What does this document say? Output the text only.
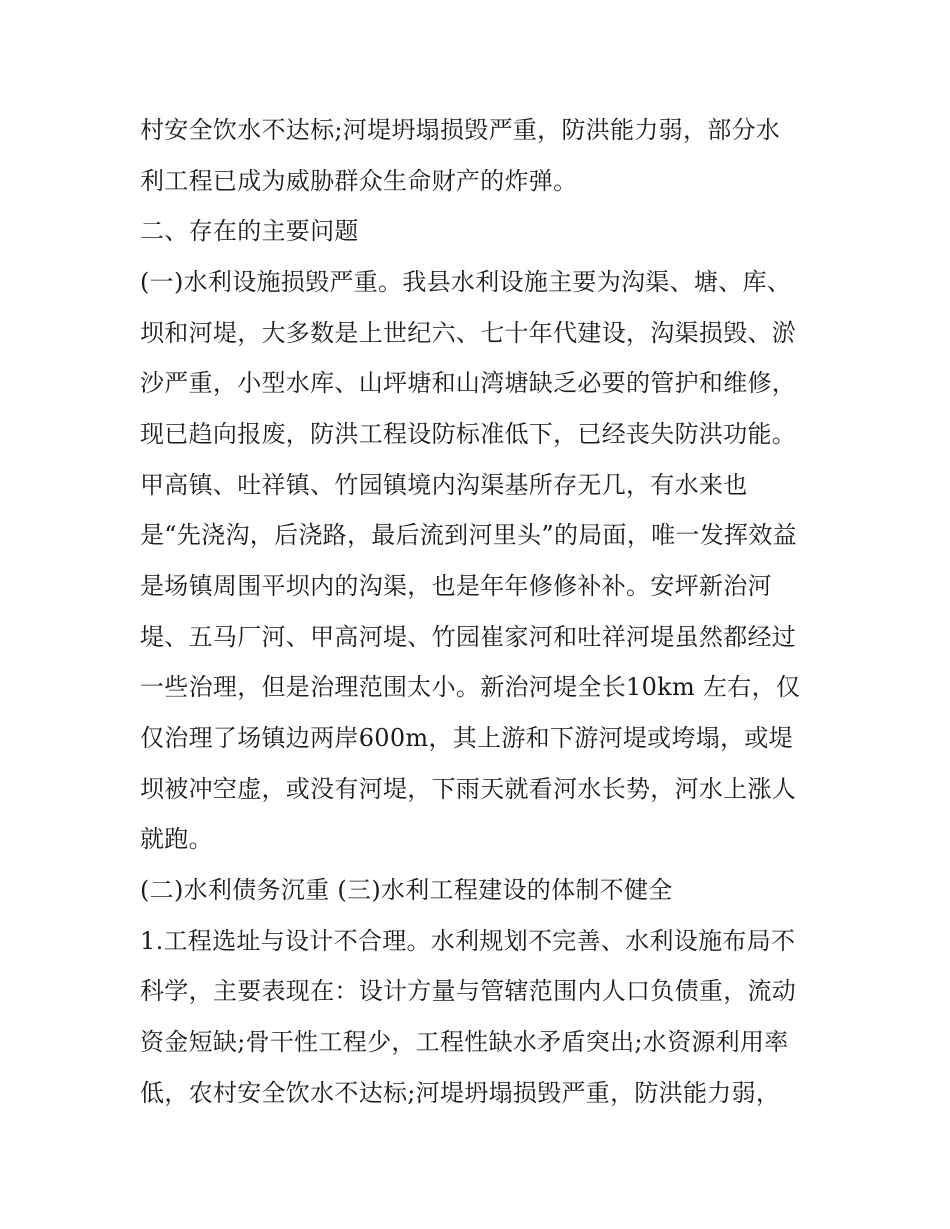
村安全饮水不达标;河堤坍塌损毁严重，防洪能力弱，部分水
利工程已成为威胁群众生命财产的炸弹。
二、存在的主要问题
(一)水利设施损毁严重。我县水利设施主要为沟渠、塘、库、
坝和河堤，大多数是上世纪六、七十年代建设，沟渠损毁、淤
沙严重，小型水库、山坪塘和山湾塘缺乏必要的管护和维修，
现已趋向报废，防洪工程设防标准低下，已经丧失防洪功能。
甲高镇、吐祥镇、竹园镇境内沟渠基所存无几，有水来也
是“先浇沟，后浇路，最后流到河里头”的局面，唯一发挥效益
是场镇周围平坝内的沟渠，也是年年修修补补。安坪新治河
堤、五马厂河、甲高河堤、竹园崔家河和吐祥河堤虽然都经过
一些治理，但是治理范围太小。新治河堤全长10km 左右，仅
仅治理了场镇边两岸600m，其上游和下游河堤或垮塌，或堤
坝被冲空虚，或没有河堤，下雨天就看河水长势，河水上涨人
就跑。
(二)水利债务沉重 (三)水利工程建设的体制不健全
1.工程选址与设计不合理。水利规划不完善、水利设施布局不
科学，主要表现在：设计方量与管辖范围内人口负债重，流动
资金短缺;骨干性工程少，工程性缺水矛盾突出;水资源利用率
低，农村安全饮水不达标;河堤坍塌损毁严重，防洪能力弱，
